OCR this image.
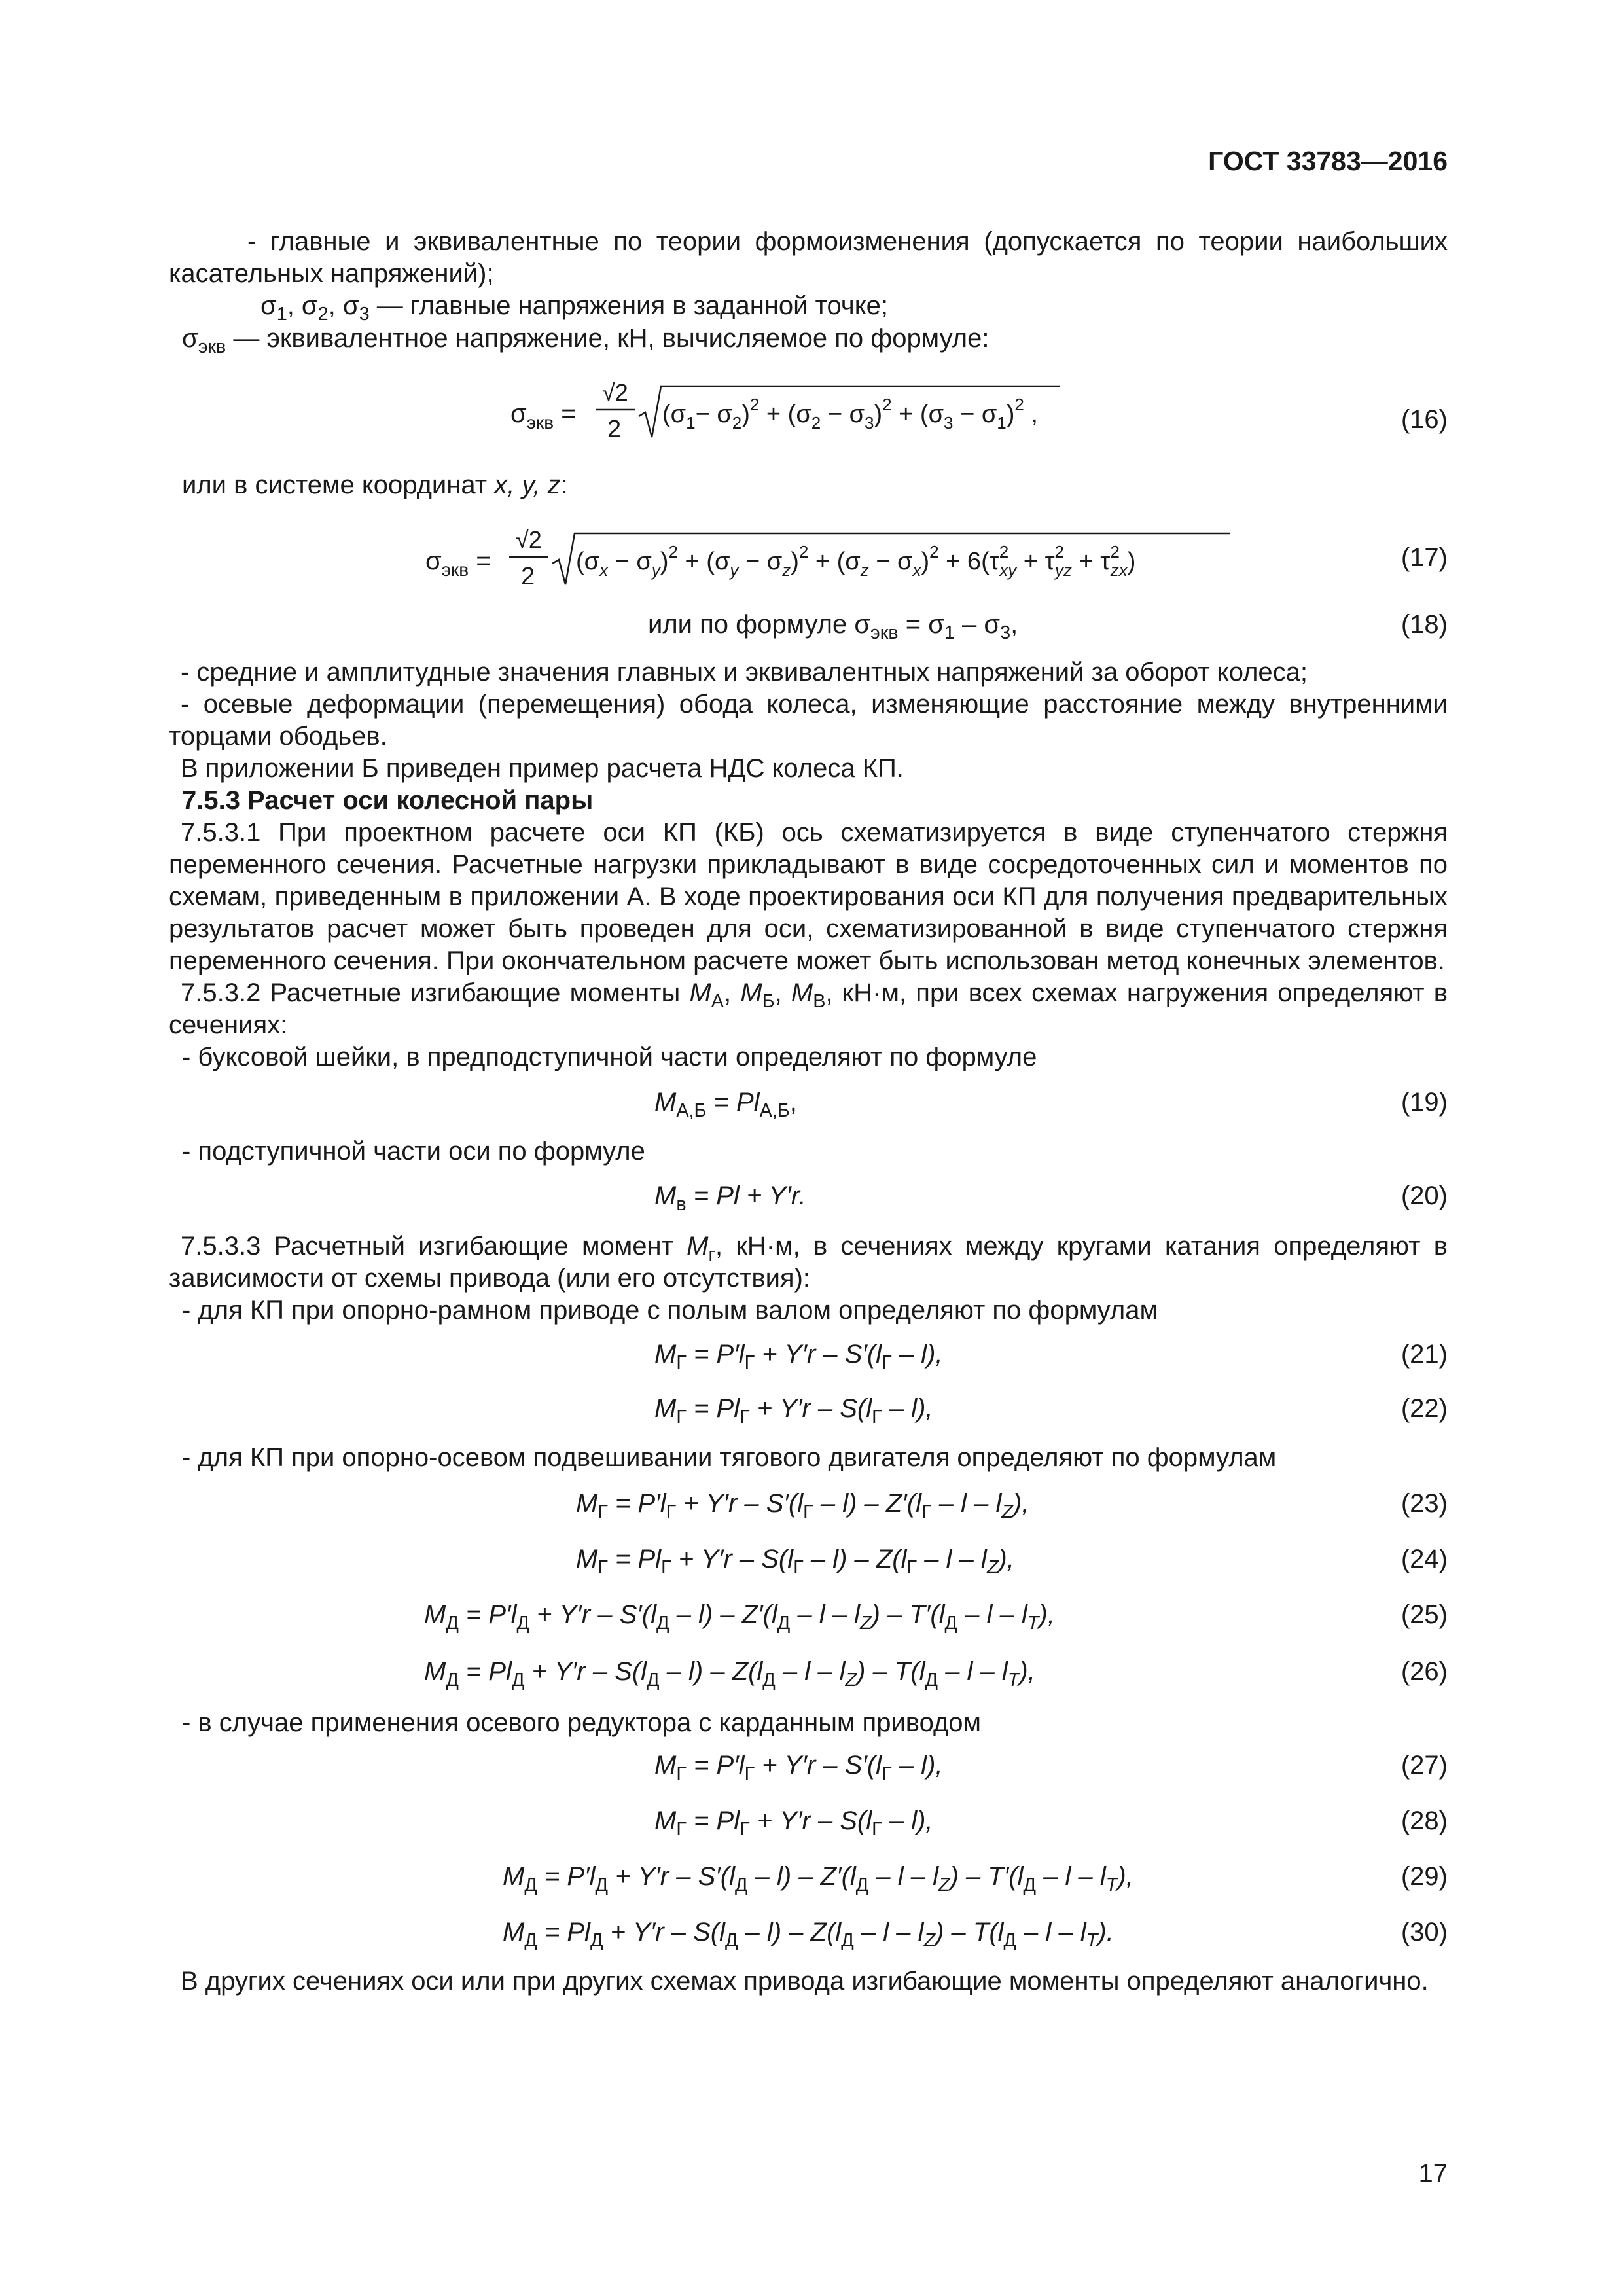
ГОСТ 33783—2016
- главные и эквивалентные по теории формоизменения (допускается по теории наибольших касательных напряжений);
$\sigma_1$, $\sigma_2$, $\sigma_3$ — главные напряжения в заданной точке;
$\sigma_{экв}$ — эквивалентное напряжение, кН, вычисляемое по формуле:
$\sigma_{экв}$ =
√2
2
$(\sigma_1- \sigma_2)^2 + (\sigma_2 - \sigma_3)^2 + (\sigma_3 - \sigma_1)^2$ ,	(16)
или в системе координат x, y, z:
$\sigma_{экв}$ =
√2
2
$(\sigma_x - \sigma_y)^2 + (\sigma_y - \sigma_z)^2 + (\sigma_z - \sigma_x)^2 + 6(\tau^2$ xy + $\tau^2$ yz + $\tau^2$ zx)	(17)
или по формуле $\sigma_{экв} = \sigma_1 - \sigma_3$,	(18)
- средние и амплитудные значения главных и эквивалентных напряжений за оборот колеса;
- осевые деформации (перемещения) обода колеса, изменяющие расстояние между внутренними торцами ободьев.
В приложении Б приведен пример расчета НДС колеса КП.
7.5.3 Расчет оси колесной пары
7.5.3.1 При проектном расчете оси КП (КБ) ось схематизируется в виде ступенчатого стержня переменного сечения. Расчетные нагрузки прикладывают в виде сосредоточенных сил и моментов по схемам, приведенным в приложении А. В ходе проектирования оси КП для получения предварительных результатов расчет может быть проведен для оси, схематизированной в виде ступенчатого стержня переменного сечения. При окончательном расчете может быть использован метод конечных элементов.
7.5.3.2 Расчетные изгибающие моменты $M_А$, $M_Б$, $M_В$, кН·м, при всех схемах нагружения определяют в сечениях:
- буксовой шейки, в предподступичной части определяют по формуле
$M_{А,Б} = Pl_{А,Б}$,	(19)
- подступичной части оси по формуле
$M_в = Pl + Y'r$.	(20)
7.5.3.3 Расчетный изгибающие момент $M_г$, кН·м, в сечениях между кругами катания определяют в зависимости от схемы привода (или его отсутствия):
- для КП при опорно-рамном приводе с полым валом определяют по формулам
$M_Г = P'l_Г + Y'r - S'(l_Г - l)$,	(21)
$M_Г = Pl_Г + Y'r - S(l_Г - l)$,	(22)
- для КП при опорно-осевом подвешивании тягового двигателя определяют по формулам
$M_Г = P'l_Г + Y'r - S'(l_Г - l) - Z'(l_Г - l - l_Z)$,	(23)
$M_Г = Pl_Г + Y'r - S(l_Г - l) - Z(l_Г - l - l_Z)$,	(24)
$M_Д = P'l_Д + Y'r - S'(l_Д - l) - Z'(l_Д - l - l_Z) - T'(l_Д - l - l_T)$,	(25)
$M_Д = Pl_Д + Y'r - S(l_Д - l) - Z(l_Д - l - l_Z) - T(l_Д - l - l_T)$,	(26)
- в случае применения осевого редуктора с карданным приводом
$M_Г = P'l_Г + Y'r - S'(l_Г - l)$,	(27)
$M_Г = Pl_Г + Y'r - S(l_Г - l)$,	(28)
$M_Д = P'l_Д + Y'r - S'(l_Д - l) - Z'(l_Д - l - l_Z) - T'(l_Д - l - l_T)$,	(29)
$M_Д = Pl_Д + Y'r - S(l_Д - l) - Z(l_Д - l - l_Z) - T(l_Д - l - l_T)$.	(30)
В других сечениях оси или при других схемах привода изгибающие моменты определяют аналогично.
17
